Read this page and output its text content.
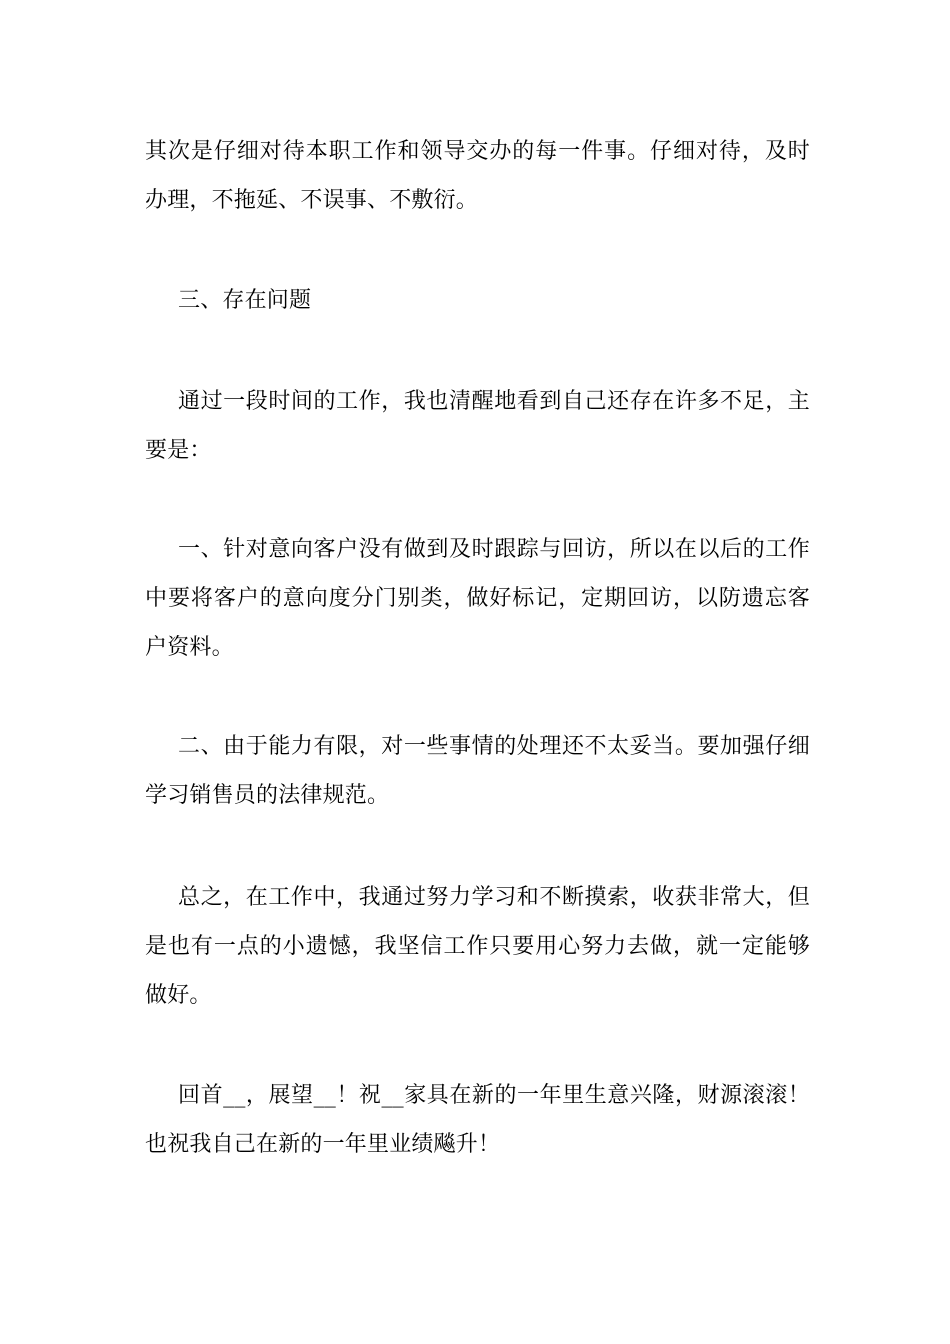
其次是仔细对待本职工作和领导交办的每一件事。仔细对待，及时办理，不拖延、不误事、不敷衍。

三、存在问题

通过一段时间的工作，我也清醒地看到自己还存在许多不足，主要是：

一、针对意向客户没有做到及时跟踪与回访，所以在以后的工作中要将客户的意向度分门别类，做好标记，定期回访，以防遗忘客户资料。

二、由于能力有限，对一些事情的处理还不太妥当。要加强仔细学习销售员的法律规范。

总之，在工作中，我通过努力学习和不断摸索，收获非常大，但是也有一点的小遗憾，我坚信工作只要用心努力去做，就一定能够做好。

回首__，展望__！祝__家具在新的一年里生意兴隆，财源滚滚！也祝我自己在新的一年里业绩飚升！
